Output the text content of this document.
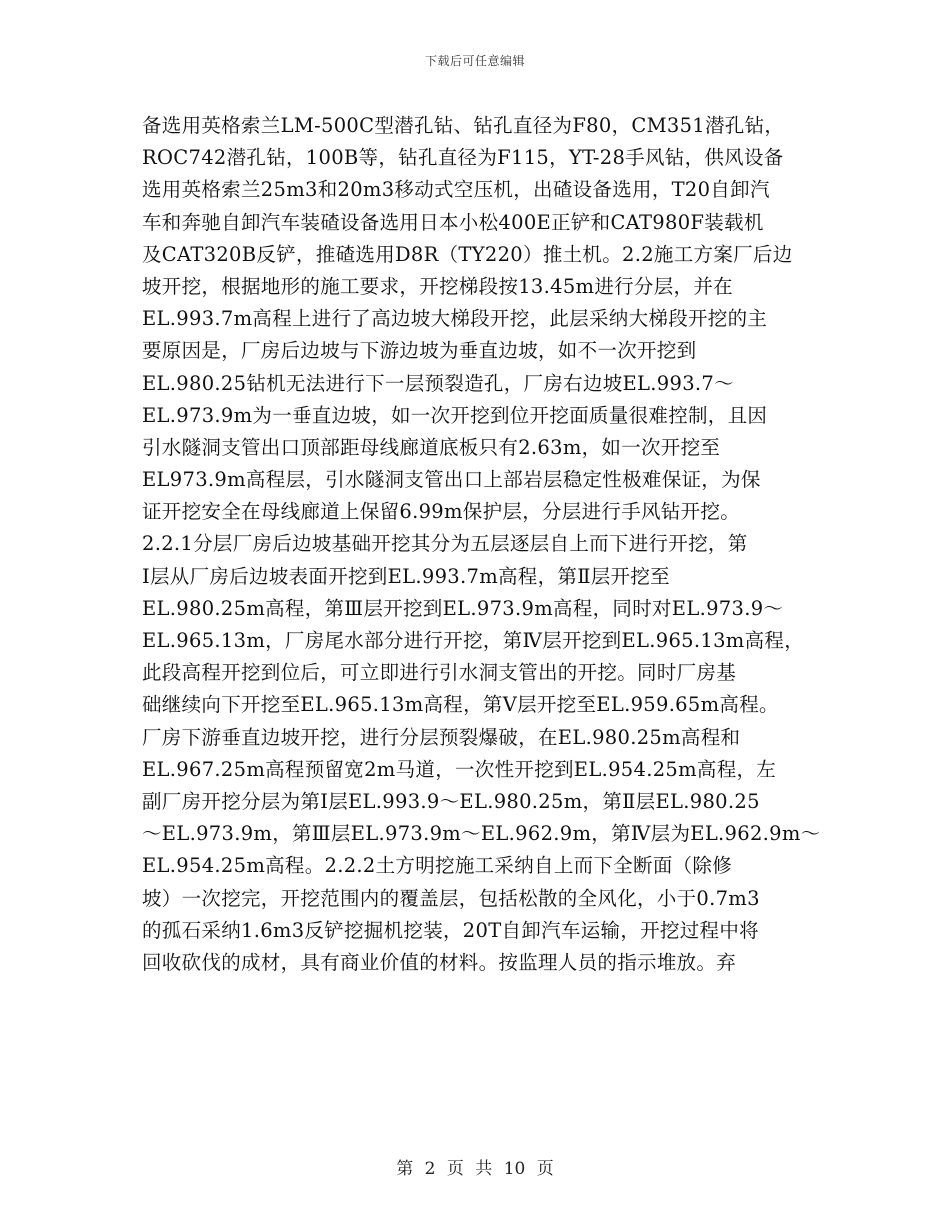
下载后可任意编辑
备选用英格索兰LM-500C型潜孔钻、钻孔直径为F80，CM351潜孔钻，
ROC742潜孔钻，100B等，钻孔直径为F115，YT-28手风钻，供风设备
选用英格索兰25m3和20m3移动式空压机，出碴设备选用，T20自卸汽
车和奔驰自卸汽车装碴设备选用日本小松400E正铲和CAT980F装载机
及CAT320B反铲，推碴选用D8R（TY220）推土机。2.2施工方案厂后边
坡开挖，根据地形的施工要求，开挖梯段按13.45m进行分层，并在
EL.993.7m高程上进行了高边坡大梯段开挖，此层采纳大梯段开挖的主
要原因是，厂房后边坡与下游边坡为垂直边坡，如不一次开挖到
EL.980.25钻机无法进行下一层预裂造孔，厂房右边坡EL.993.7～
EL.973.9m为一垂直边坡，如一次开挖到位开挖面质量很难控制，且因
引水隧洞支管出口顶部距母线廊道底板只有2.63m，如一次开挖至
EL973.9m高程层，引水隧洞支管出口上部岩层稳定性极难保证，为保
证开挖安全在母线廊道上保留6.99m保护层，分层进行手风钻开挖。
2.2.1分层厂房后边坡基础开挖其分为五层逐层自上而下进行开挖，第
Ⅰ层从厂房后边坡表面开挖到EL.993.7m高程，第Ⅱ层开挖至
EL.980.25m高程，第Ⅲ层开挖到EL.973.9m高程，同时对EL.973.9～
EL.965.13m，厂房尾水部分进行开挖，第Ⅳ层开挖到EL.965.13m高程，
此段高程开挖到位后，可立即进行引水洞支管出的开挖。同时厂房基
础继续向下开挖至EL.965.13m高程，第Ⅴ层开挖至EL.959.65m高程。
厂房下游垂直边坡开挖，进行分层预裂爆破，在EL.980.25m高程和
EL.967.25m高程预留宽2m马道，一次性开挖到EL.954.25m高程，左
副厂房开挖分层为第Ⅰ层EL.993.9～EL.980.25m，第Ⅱ层EL.980.25
～EL.973.9m，第Ⅲ层EL.973.9m～EL.962.9m，第Ⅳ层为EL.962.9m～
EL.954.25m高程。2.2.2土方明挖施工采纳自上而下全断面（除修
坡）一次挖完，开挖范围内的覆盖层，包括松散的全风化，小于0.7m3
的孤石采纳1.6m3反铲挖掘机挖装，20T自卸汽车运输，开挖过程中将
回收砍伐的成材，具有商业价值的材料。按监理人员的指示堆放。弃
第 2 页 共 10 页
